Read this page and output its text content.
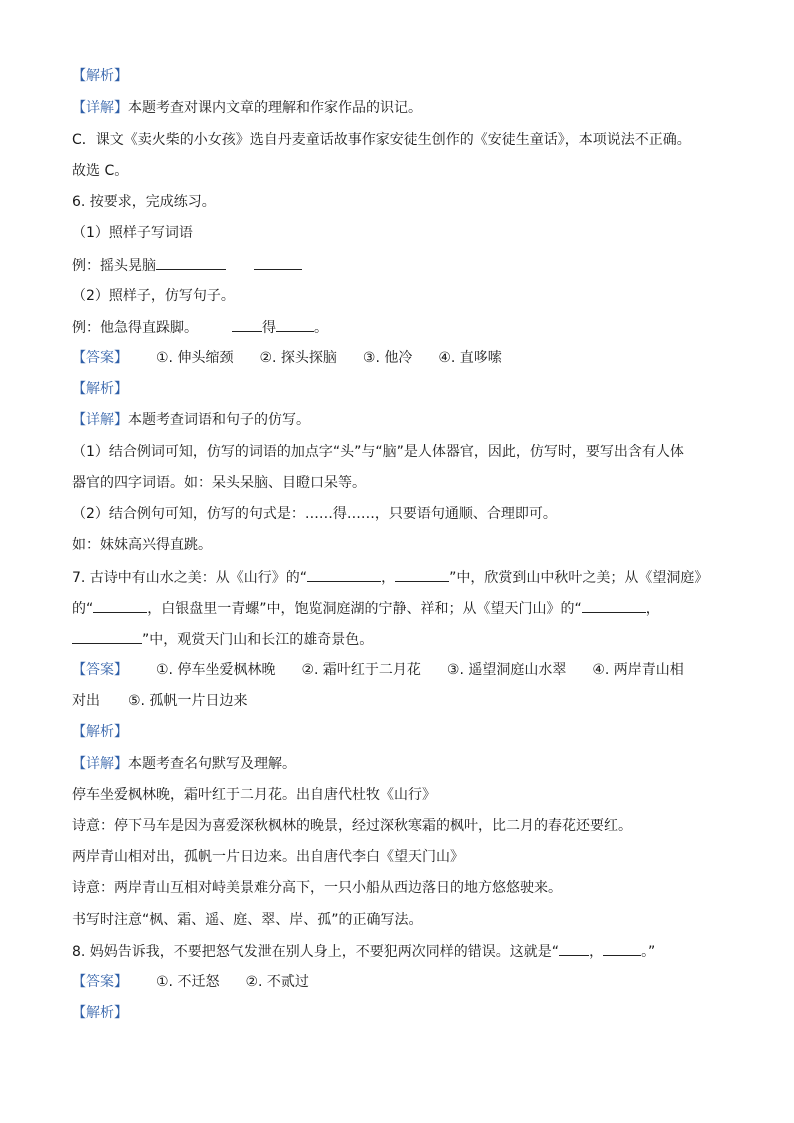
【解析】
【详解】本题考查对课内文章的理解和作家作品的识记。
C．课文《卖火柴的小女孩》选自丹麦童话故事作家安徒生创作的《安徒生童话》，本项说法不正确。
故选 C。
6. 按要求，完成练习。
（1）照样子写词语
例：摇头晃脑
（2）照样子，仿写句子。
例：他急得直跺脚。	得	。
【答案】 ①. 伸头缩颈 ②. 探头探脑 ③. 他冷 ④. 直哆嗦
【解析】
【详解】本题考查词语和句子的仿写。
（1）结合例词可知，仿写的词语的加点字“头”与“脑”是人体器官，因此，仿写时，要写出含有人体
器官的四字词语。如：呆头呆脑、目瞪口呆等。
（2）结合例句可知，仿写的句式是：……得……，只要语句通顺、合理即可。
如：妹妹高兴得直跳。
7. 古诗中有山水之美：从《山行》的“	，	”中，欣赏到山中秋叶之美；从《望洞庭》
的“	，白银盘里一青螺”中，饱览洞庭湖的宁静、祥和；从《望天门山》的“	，
”中，观赏天门山和长江的雄奇景色。
【答案】 ①. 停车坐爱枫林晚 ②. 霜叶红于二月花 ③. 遥望洞庭山水翠 ④. 两岸青山相
对出 ⑤. 孤帆一片日边来
【解析】
【详解】本题考查名句默写及理解。
停车坐爱枫林晚，霜叶红于二月花。出自唐代杜牧《山行》
诗意：停下马车是因为喜爱深秋枫林的晚景，经过深秋寒霜的枫叶，比二月的春花还要红。
两岸青山相对出，孤帆一片日边来。出自唐代李白《望天门山》
诗意：两岸青山互相对峙美景难分高下，一只小船从西边落日的地方悠悠驶来。
书写时注意“枫、霜、遥、庭、翠、岸、孤”的正确写法。
8. 妈妈告诉我，不要把怒气发泄在别人身上，不要犯两次同样的错误。这就是“ ，	。”
【答案】 ①. 不迁怒 ②. 不贰过
【解析】
